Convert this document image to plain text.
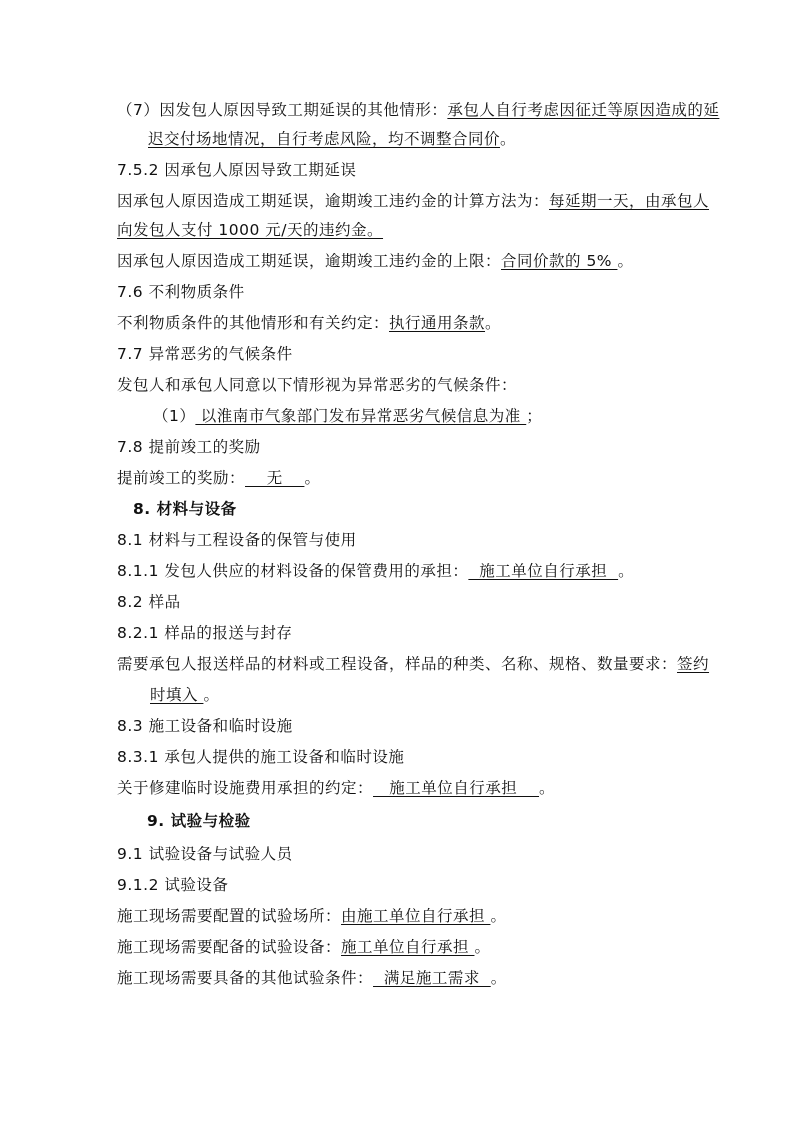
（7）因发包人原因导致工期延误的其他情形：承包人自行考虑因征迁等原因造成的延
迟交付场地情况，自行考虑风险，均不调整合同价。
7.5.2 因承包人原因导致工期延误
因承包人原因造成工期延误，逾期竣工违约金的计算方法为：每延期一天，由承包人
向发包人支付 1000 元/天的违约金。
因承包人原因造成工期延误，逾期竣工违约金的上限：合同价款的 5% 。
7.6 不利物质条件
不利物质条件的其他情形和有关约定：执行通用条款。
7.7 异常恶劣的气候条件
发包人和承包人同意以下情形视为异常恶劣的气候条件：
（1） 以淮南市气象部门发布异常恶劣气候信息为准 ；
7.8 提前竣工的奖励
提前竣工的奖励：    无    。
8. 材料与设备
8.1 材料与工程设备的保管与使用
8.1.1 发包人供应的材料设备的保管费用的承担：  施工单位自行承担  。
8.2 样品
8.2.1 样品的报送与封存
需要承包人报送样品的材料或工程设备，样品的种类、名称、规格、数量要求：签约
时填入 。
8.3 施工设备和临时设施
8.3.1 承包人提供的施工设备和临时设施
关于修建临时设施费用承担的约定：   施工单位自行承担    。
9. 试验与检验
9.1 试验设备与试验人员
9.1.2 试验设备
施工现场需要配置的试验场所：由施工单位自行承担 。
施工现场需要配备的试验设备：施工单位自行承担 。
施工现场需要具备的其他试验条件：  满足施工需求  。
